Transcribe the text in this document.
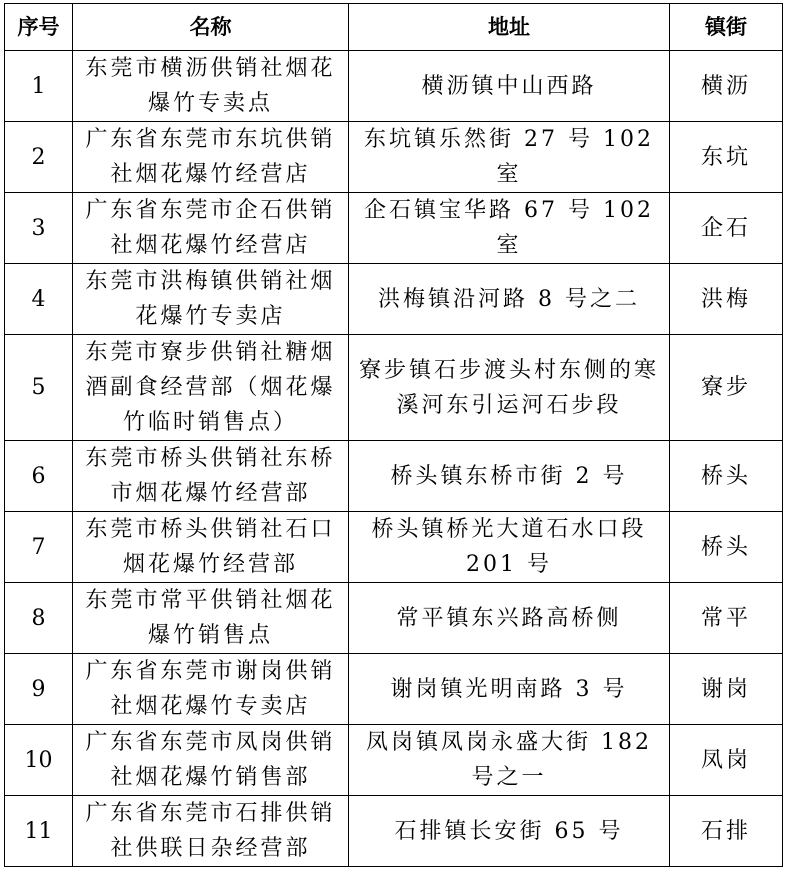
序号	名称	地址	镇街
1	东莞市横沥供销社烟花爆竹专卖点	横沥镇中山西路	横沥
2	广东省东莞市东坑供销社烟花爆竹经营店	东坑镇乐然街 27 号 102 室	东坑
3	广东省东莞市企石供销社烟花爆竹经营店	企石镇宝华路 67 号 102 室	企石
4	东莞市洪梅镇供销社烟花爆竹专卖店	洪梅镇沿河路 8 号之二	洪梅
5	东莞市寮步供销社糖烟酒副食经营部（烟花爆竹临时销售点）	寮步镇石步渡头村东侧的寒溪河东引运河石步段	寮步
6	东莞市桥头供销社东桥市烟花爆竹经营部	桥头镇东桥市街 2 号	桥头
7	东莞市桥头供销社石口烟花爆竹经营部	桥头镇桥光大道石水口段 201 号	桥头
8	东莞市常平供销社烟花爆竹销售点	常平镇东兴路高桥侧	常平
9	广东省东莞市谢岗供销社烟花爆竹专卖店	谢岗镇光明南路 3 号	谢岗
10	广东省东莞市凤岗供销社烟花爆竹销售部	凤岗镇凤岗永盛大街 182 号之一	凤岗
11	广东省东莞市石排供销社供联日杂经营部	石排镇长安街 65 号	石排
